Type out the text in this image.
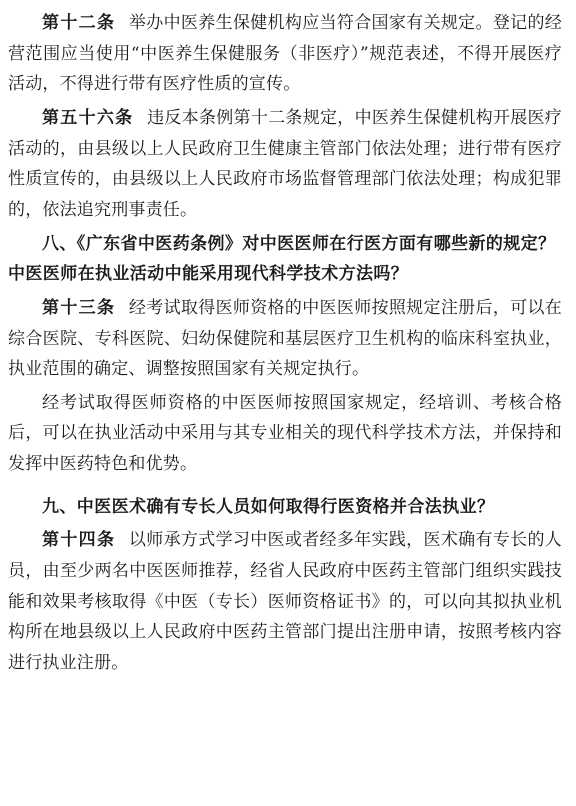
第十二条 举办中医养生保健机构应当符合国家有关规定。登记的经营范围应当使用“中医养生保健服务（非医疗）”规范表述，不得开展医疗活动，不得进行带有医疗性质的宣传。

第五十六条 违反本条例第十二条规定，中医养生保健机构开展医疗活动的，由县级以上人民政府卫生健康主管部门依法处理；进行带有医疗性质宣传的，由县级以上人民政府市场监督管理部门依法处理；构成犯罪的，依法追究刑事责任。

八、《广东省中医药条例》对中医医师在行医方面有哪些新的规定？中医医师在执业活动中能采用现代科学技术方法吗？

第十三条 经考试取得医师资格的中医医师按照规定注册后，可以在综合医院、专科医院、妇幼保健院和基层医疗卫生机构的临床科室执业，执业范围的确定、调整按照国家有关规定执行。

经考试取得医师资格的中医医师按照国家规定，经培训、考核合格后，可以在执业活动中采用与其专业相关的现代科学技术方法，并保持和发挥中医药特色和优势。

九、中医医术确有专长人员如何取得行医资格并合法执业？

第十四条 以师承方式学习中医或者经多年实践，医术确有专长的人员，由至少两名中医医师推荐，经省人民政府中医药主管部门组织实践技能和效果考核取得《中医（专长）医师资格证书》的，可以向其拟执业机构所在地县级以上人民政府中医药主管部门提出注册申请，按照考核内容进行执业注册。
